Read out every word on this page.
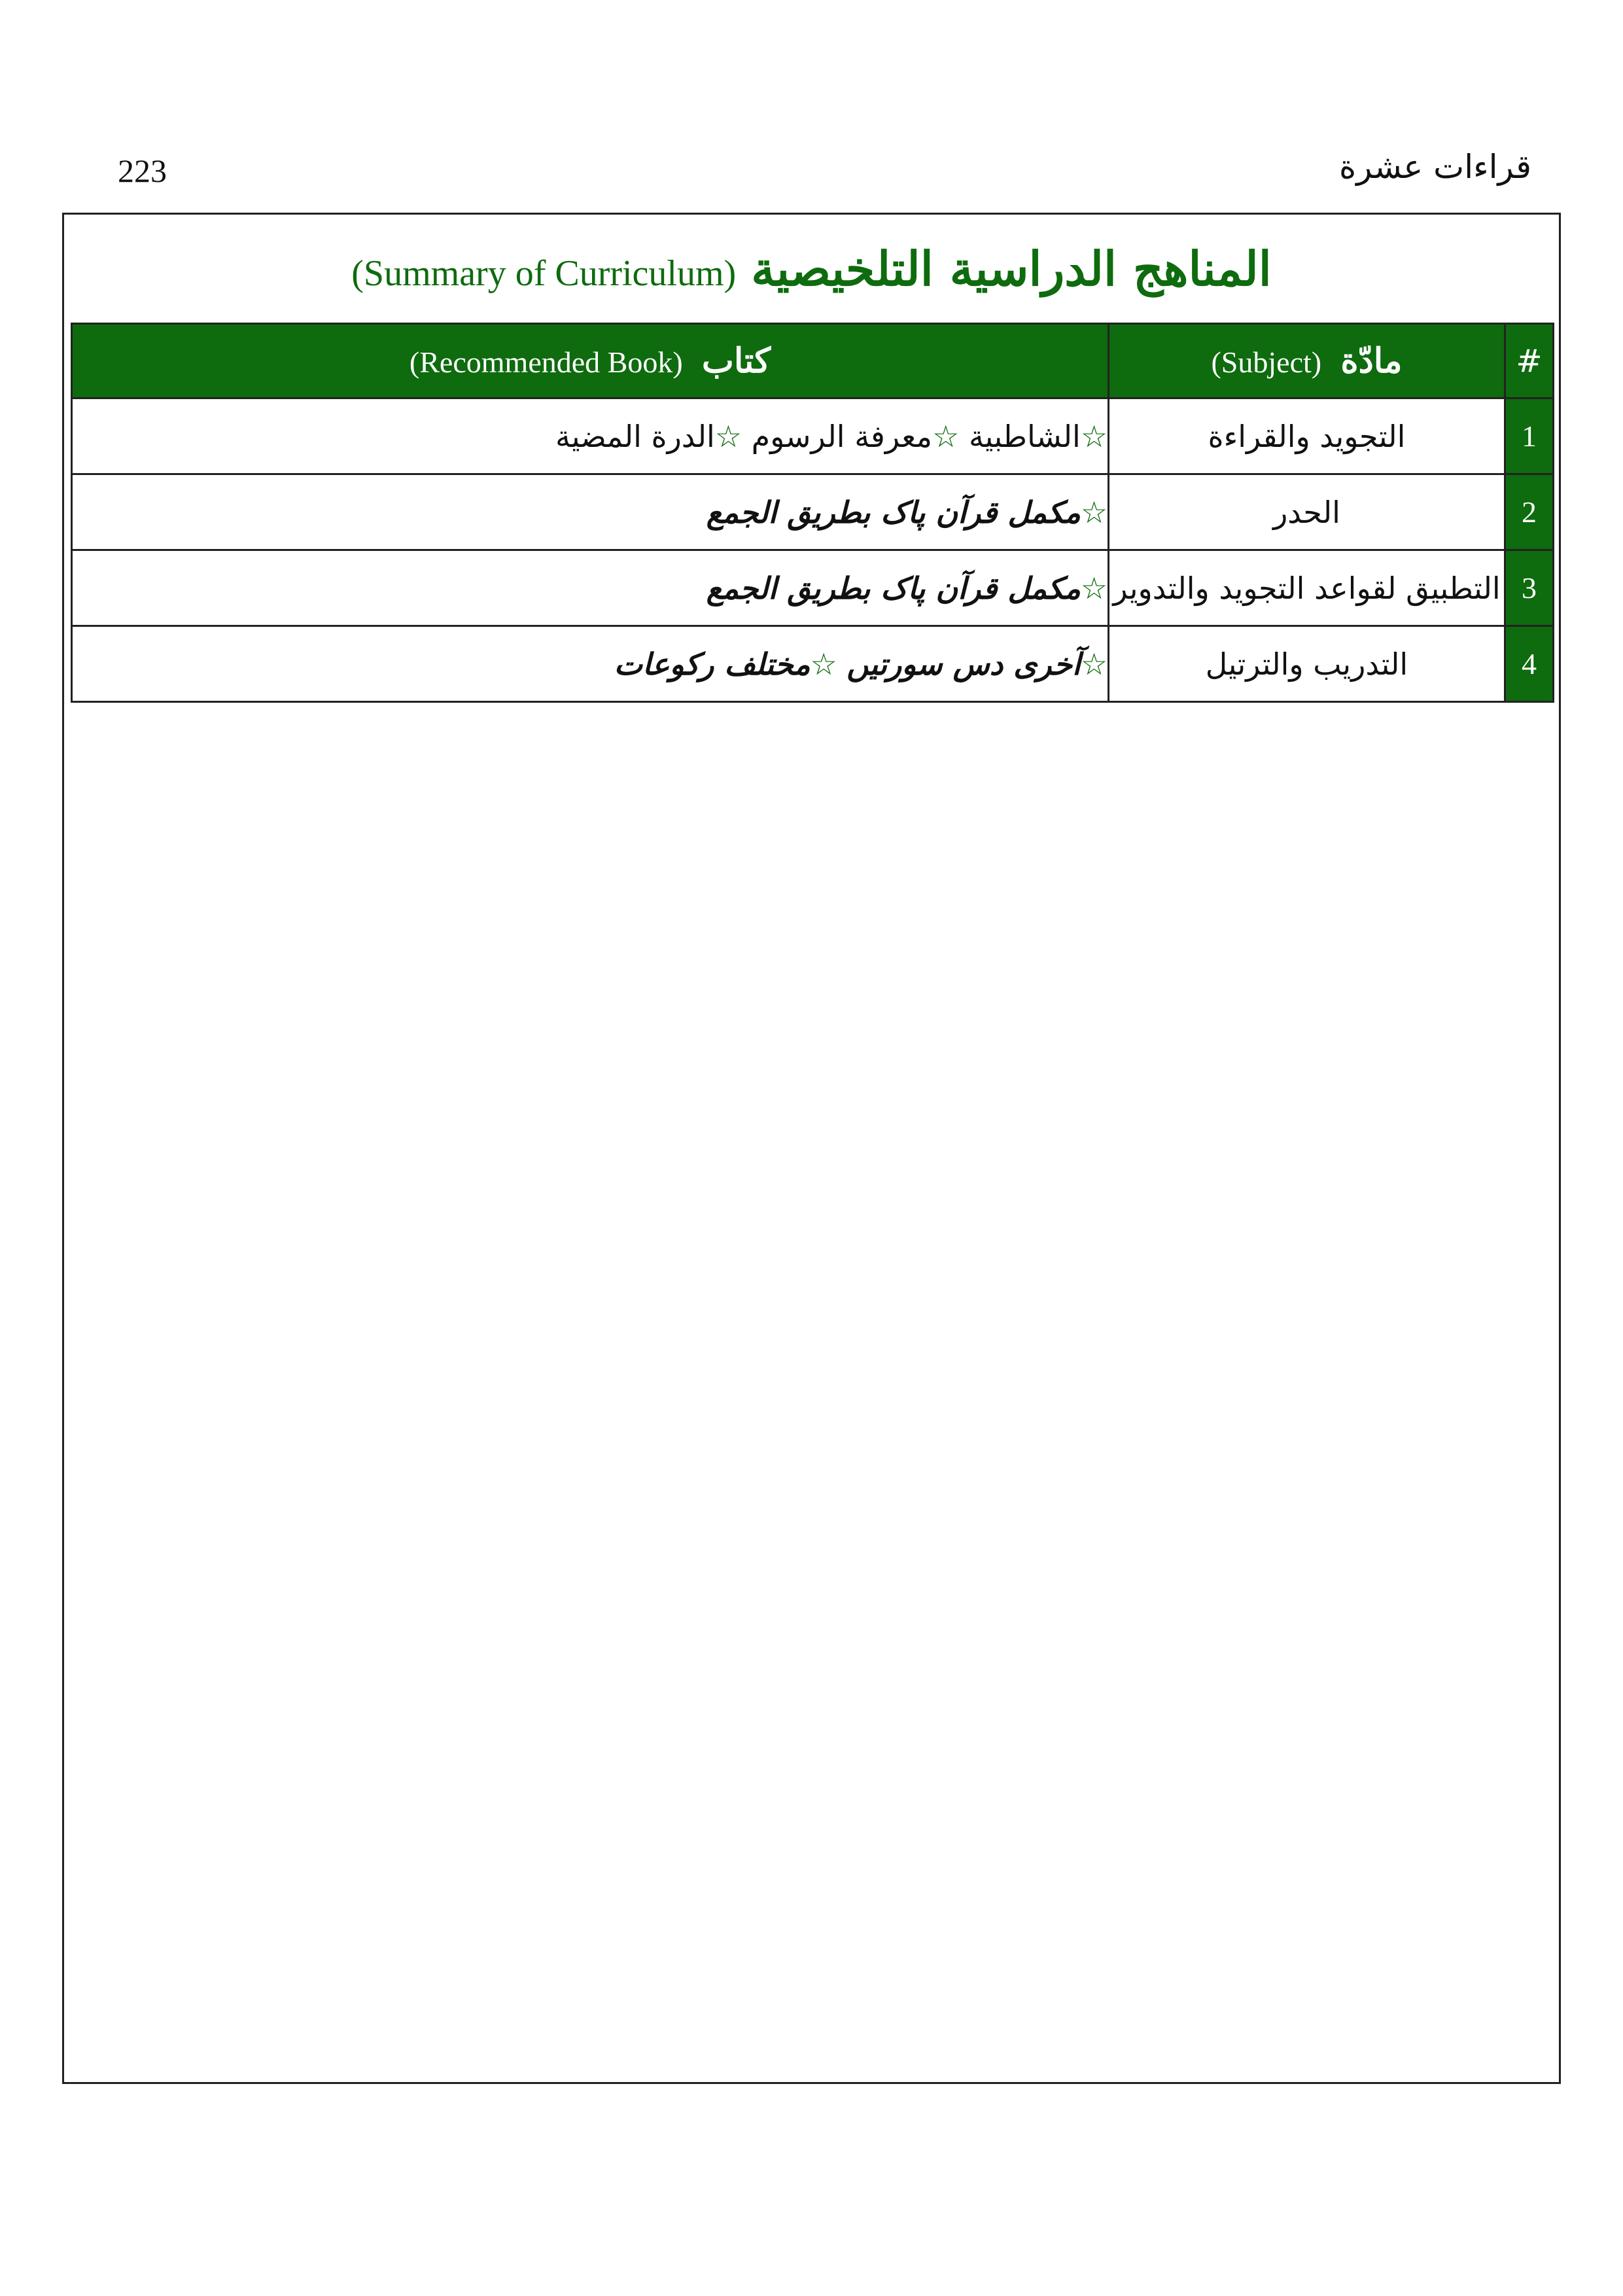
223	قراءات عشرة
(Summary of Curriculum) المناهج الدراسية التلخيصية
(Recommended Book) كتاب	(Subject) مادّة	#
☆الشاطبية ☆معرفة الرسوم ☆الدرة المضية	التجويد والقراءة	1
☆مکمل قرآن پاک بطریق الجمع	الحدر	2
☆مکمل قرآن پاک بطریق الجمع	التطبيق لقواعد التجويد والتدوير	3
☆آخری دس سورتیں ☆مختلف رکوعات	التدريب والترتيل	4
